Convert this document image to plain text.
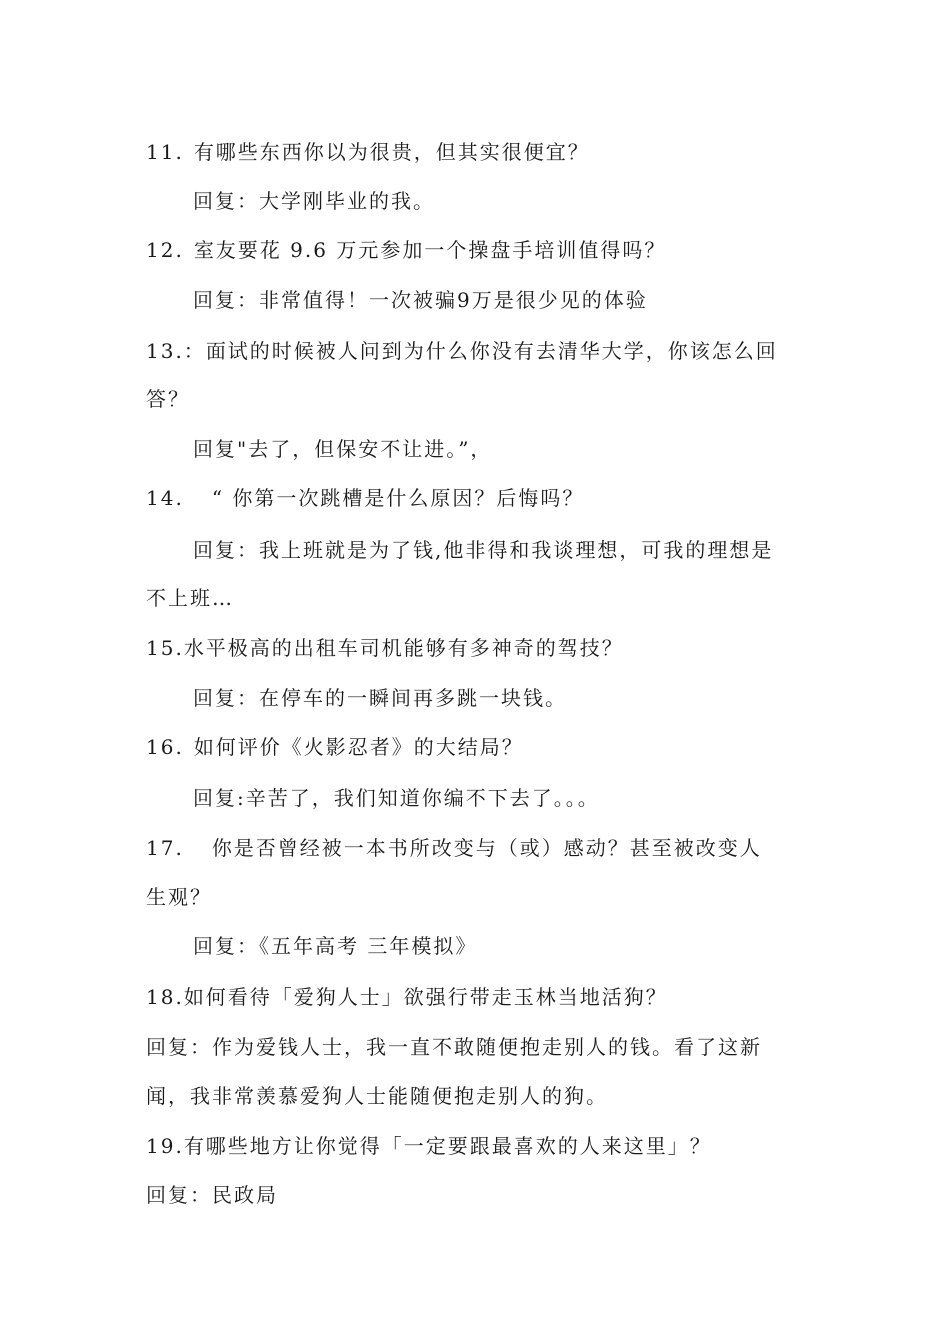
11. 有哪些东西你以为很贵，但其实很便宜？
回复：大学刚毕业的我。
12. 室友要花 9.6 万元参加一个操盘手培训值得吗？
回复：非常值得！一次被骗9万是很少见的体验
13.：面试的时候被人问到为什么你没有去清华大学，你该怎么回
答？
回复"去了，但保安不让进。”，
14. “ 你第一次跳槽是什么原因？后悔吗？
回复：我上班就是为了钱,他非得和我谈理想，可我的理想是
不上班…
15.水平极高的出租车司机能够有多神奇的驾技？
回复：在停车的一瞬间再多跳一块钱。
16. 如何评价《火影忍者》的大结局？
回复:辛苦了，我们知道你编不下去了。。。
17. 你是否曾经被一本书所改变与（或）感动？甚至被改变人
生观？
回复：《五年高考 三年模拟》
18.如何看待「爱狗人士」欲强行带走玉林当地活狗？
回复：作为爱钱人士，我一直不敢随便抱走别人的钱。看了这新
闻，我非常羡慕爱狗人士能随便抱走别人的狗。
19.有哪些地方让你觉得「一定要跟最喜欢的人来这里」？
回复：民政局
